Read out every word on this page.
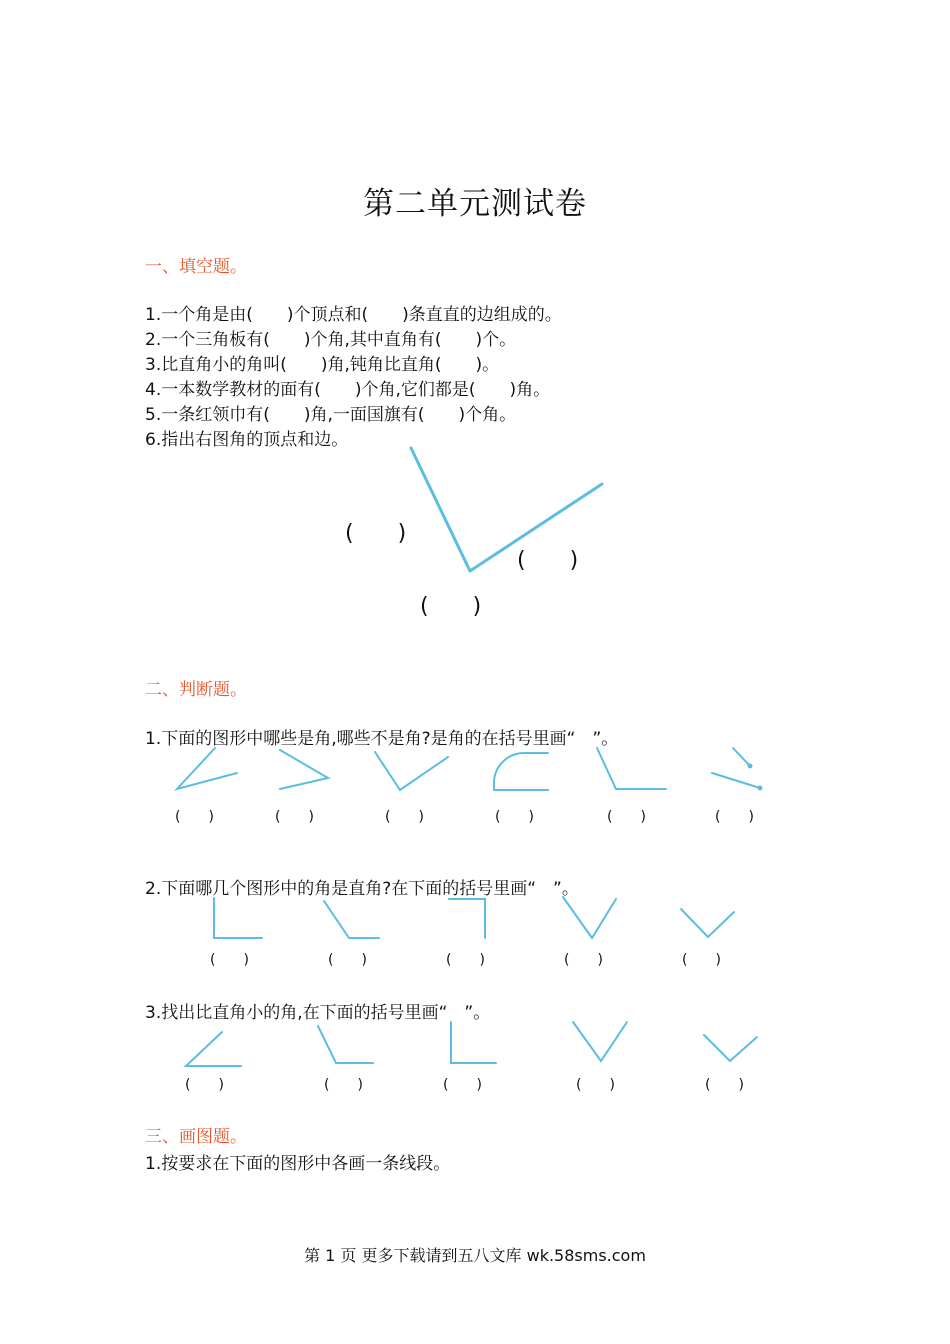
第二单元测试卷
一、填空题。
1.一个角是由(　　)个顶点和(　　)条直直的边组成的。
2.一个三角板有(　　)个角,其中直角有(　　)个。
3.比直角小的角叫(　　)角,钝角比直角(　　)。
4.一本数学教材的面有(　　)个角,它们都是(　　)角。
5.一条红领巾有(　　)角,一面国旗有(　　)个角。
6.指出右图角的顶点和边。
(　　)
(　　)
(　　)
二、判断题。
1.下面的图形中哪些是角,哪些不是角?是角的在括号里画“　”。
(　　)	(　　)	(　　)	(　　)	(　　)	(　　)
2.下面哪几个图形中的角是直角?在下面的括号里画“　”。
(　　)	(　　)	(　　)	(　　)	(　　)
3.找出比直角小的角,在下面的括号里画“　”。
(　　)	(　　)	(　　)	(　　)	(　　)
三、画图题。
1.按要求在下面的图形中各画一条线段。
第 1 页 更多下载请到五八文库 wk.58sms.com
